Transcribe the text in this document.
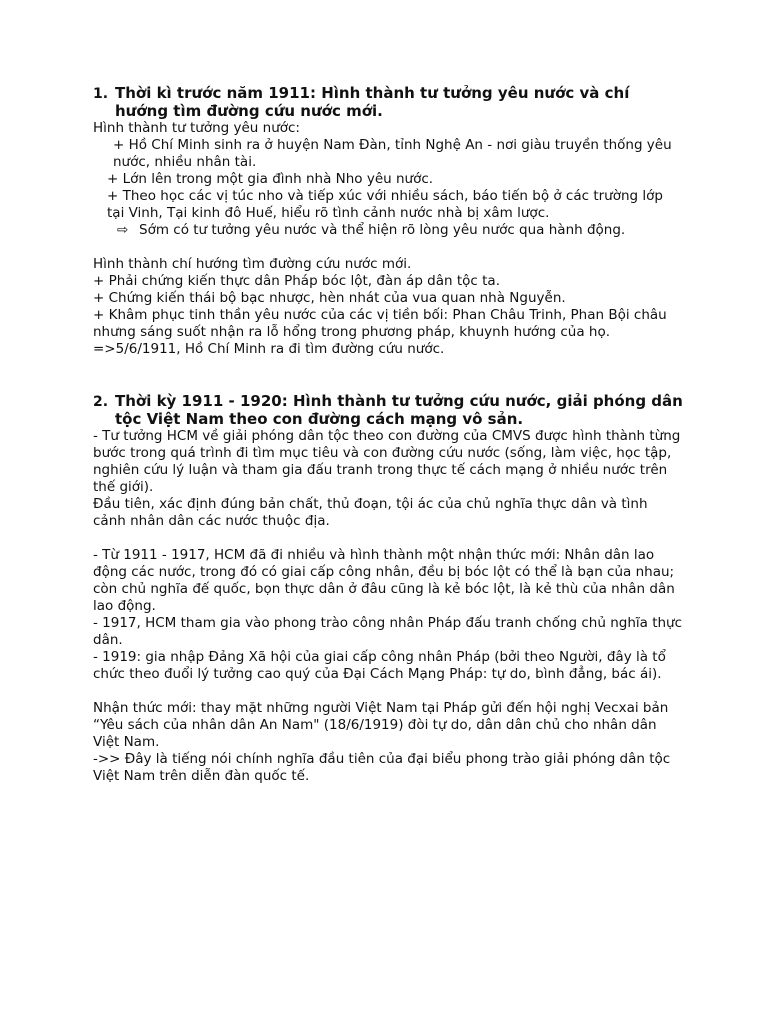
1. Thời kì trước năm 1911: Hình thành tư tưởng yêu nước và chí hướng tìm đường cứu nước mới.
Hình thành tư tưởng yêu nước:
+ Hồ Chí Minh sinh ra ở huyện Nam Đàn, tỉnh Nghệ An - nơi giàu truyền thống yêu nước, nhiều nhân tài.
+ Lớn lên trong một gia đình nhà Nho yêu nước.
+ Theo học các vị túc nho và tiếp xúc với nhiều sách, báo tiến bộ ở các trường lớp tại Vinh, Tại kinh đô Huế, hiểu rõ tình cảnh nước nhà bị xâm lược.
⇨ Sớm có tư tưởng yêu nước và thể hiện rõ lòng yêu nước qua hành động.
Hình thành chí hướng tìm đường cứu nước mới.
+ Phải chứng kiến thực dân Pháp bóc lột, đàn áp dân tộc ta.
+ Chứng kiến thái bộ bạc nhược, hèn nhát của vua quan nhà Nguyễn.
+ Khâm phục tinh thần yêu nước của các vị tiền bối: Phan Châu Trinh, Phan Bội châu nhưng sáng suốt nhận ra lỗ hổng trong phương pháp, khuynh hướng của họ.
=>5/6/1911, Hồ Chí Minh ra đi tìm đường cứu nước.
2. Thời kỳ 1911 - 1920: Hình thành tư tưởng cứu nước, giải phóng dân tộc Việt Nam theo con đường cách mạng vô sản.
- Tư tưởng HCM về giải phóng dân tộc theo con đường của CMVS được hình thành từng bước trong quá trình đi tìm mục tiêu và con đường cứu nước (sống, làm việc, học tập, nghiên cứu lý luận và tham gia đấu tranh trong thực tế cách mạng ở nhiều nước trên thế giới).
Đầu tiên, xác định đúng bản chất, thủ đoạn, tội ác của chủ nghĩa thực dân và tình cảnh nhân dân các nước thuộc địa.
- Từ 1911 - 1917, HCM đã đi nhiều và hình thành một nhận thức mới: Nhân dân lao động các nước, trong đó có giai cấp công nhân, đều bị bóc lột có thể là bạn của nhau; còn chủ nghĩa đế quốc, bọn thực dân ở đâu cũng là kẻ bóc lột, là kẻ thù của nhân dân lao động.
- 1917, HCM tham gia vào phong trào công nhân Pháp đấu tranh chống chủ nghĩa thực dân.
- 1919: gia nhập Đảng Xã hội của giai cấp công nhân Pháp (bởi theo Người, đây là tổ chức theo đuổi lý tưởng cao quý của Đại Cách Mạng Pháp: tự do, bình đẳng, bác ái).
Nhận thức mới: thay mặt những người Việt Nam tại Pháp gửi đến hội nghị Vecxai bản “Yêu sách của nhân dân An Nam" (18/6/1919) đòi tự do, dân dân chủ cho nhân dân Việt Nam.
->> Đây là tiếng nói chính nghĩa đầu tiên của đại biểu phong trào giải phóng dân tộc Việt Nam trên diễn đàn quốc tế.
